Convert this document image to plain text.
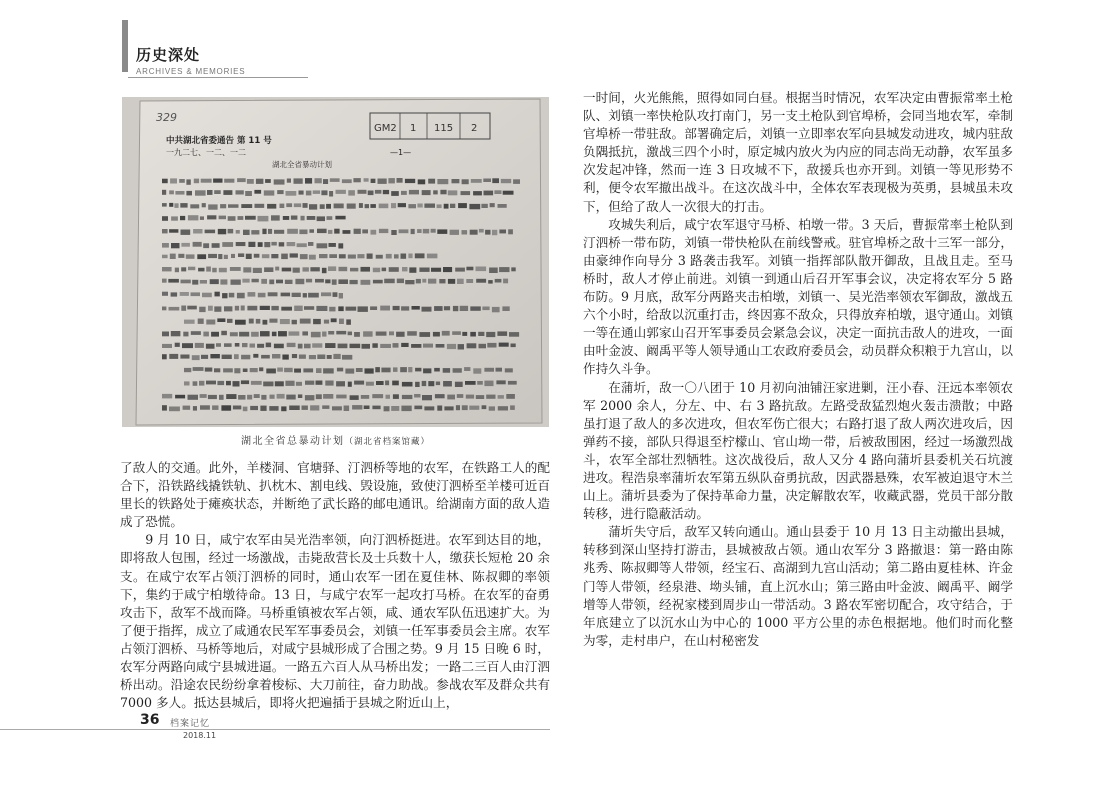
历史深处
ARCHIVES & MEMORIES
329
GM2 1 115 2
中共湖北省委通告 第 11 号
一九二七、一二、一二	—1—
湖北全省暴动计划
湖北全省总暴动计划（湖北省档案馆藏）

了敌人的交通。此外，羊楼洞、官塘驿、汀泗桥等地的农军，在铁路工人的配合下，沿铁路线撬铁轨、扒枕木、割电线、毁设施，致使汀泗桥至羊楼可近百里长的铁路处于瘫痪状态，并断绝了武长路的邮电通讯。给湖南方面的敌人造成了恐慌。

9 月 10 日，咸宁农军由吴光浩率领，向汀泗桥挺进。农军到达目的地，即将敌人包围，经过一场激战，击毙敌营长及士兵数十人，缴获长短枪 20 余支。在咸宁农军占领汀泗桥的同时，通山农军一团在夏佳林、陈叔卿的率领下，集约于咸宁柏墩待命。13 日，与咸宁农军一起攻打马桥。在农军的奋勇攻击下，敌军不战而降。马桥重镇被农军占领，咸、通农军队伍迅速扩大。为了便于指挥，成立了咸通农民军军事委员会，刘镇一任军事委员会主席。农军占领汀泗桥、马桥等地后，对咸宁县城形成了合围之势。9 月 15 日晚 6 时，农军分两路向咸宁县城进逼。一路五六百人从马桥出发；一路二三百人由汀泗桥出动。沿途农民纷纷拿着梭标、大刀前往，奋力助战。参战农军及群众共有 7000 多人。抵达县城后，即将火把遍插于县城之附近山上，

一时间，火光熊熊，照得如同白昼。根据当时情况，农军决定由曹振常率土枪队、刘镇一率快枪队攻打南门，另一支土枪队到官埠桥，会同当地农军，牵制官埠桥一带驻敌。部署确定后，刘镇一立即率农军向县城发动进攻，城内驻敌负隅抵抗，激战三四个小时，原定城内放火为内应的同志尚无动静，农军虽多次发起冲锋，然而一连 3 日攻城不下，敌援兵也亦开到。刘镇一等见形势不利，便令农军撤出战斗。在这次战斗中，全体农军表现极为英勇，县城虽未攻下，但给了敌人一次很大的打击。

攻城失利后，咸宁农军退守马桥、柏墩一带。3 天后，曹振常率土枪队到汀泗桥一带布防，刘镇一带快枪队在前线警戒。驻官埠桥之敌十三军一部分，由豪绅作向导分 3 路袭击我军。刘镇一指挥部队散开御敌，且战且走。至马桥时，敌人才停止前进。刘镇一到通山后召开军事会议，决定将农军分 5 路布防。9 月底，敌军分两路夹击柏墩，刘镇一、吴光浩率领农军御敌，激战五六个小时，给敌以沉重打击，终因寡不敌众，只得放弃柏墩，退守通山。刘镇一等在通山郭家山召开军事委员会紧急会议，决定一面抗击敌人的进攻，一面由叶金波、阚禹平等人领导通山工农政府委员会，动员群众积粮于九宫山，以作持久斗争。

在蒲圻，敌一〇八团于 10 月初向油铺汪家进剿，汪小春、汪远本率领农军 2000 余人，分左、中、右 3 路抗敌。左路受敌猛烈炮火轰击溃散；中路虽打退了敌人的多次进攻，但农军伤亡很大；右路打退了敌人两次进攻后，因弹药不接，部队只得退至柠檬山、官山坳一带，后被敌围困，经过一场激烈战斗，农军全部壮烈牺牲。这次战役后，敌人又分 4 路向蒲圻县委机关石坑渡进攻。程浩泉率蒲圻农军第五纵队奋勇抗敌，因武器悬殊，农军被迫退守木兰山上。蒲圻县委为了保持革命力量，决定解散农军，收藏武器，党员干部分散转移，进行隐蔽活动。

蒲圻失守后，敌军又转向通山。通山县委于 10 月 13 日主动撤出县城，转移到深山坚持打游击，县城被敌占领。通山农军分 3 路撤退：第一路由陈兆秀、陈叔卿等人带领，经宝石、高湖到九宫山活动；第二路由夏桂林、许金门等人带领，经泉港、坳头铺，直上沉水山；第三路由叶金波、阚禹平、阚学增等人带领，经祝家楼到周步山一带活动。3 路农军密切配合，攻守结合，于年底建立了以沉水山为中心的 1000 平方公里的赤色根据地。他们时而化整为零，走村串户，在山村秘密发

36 档案记忆
2018.11
